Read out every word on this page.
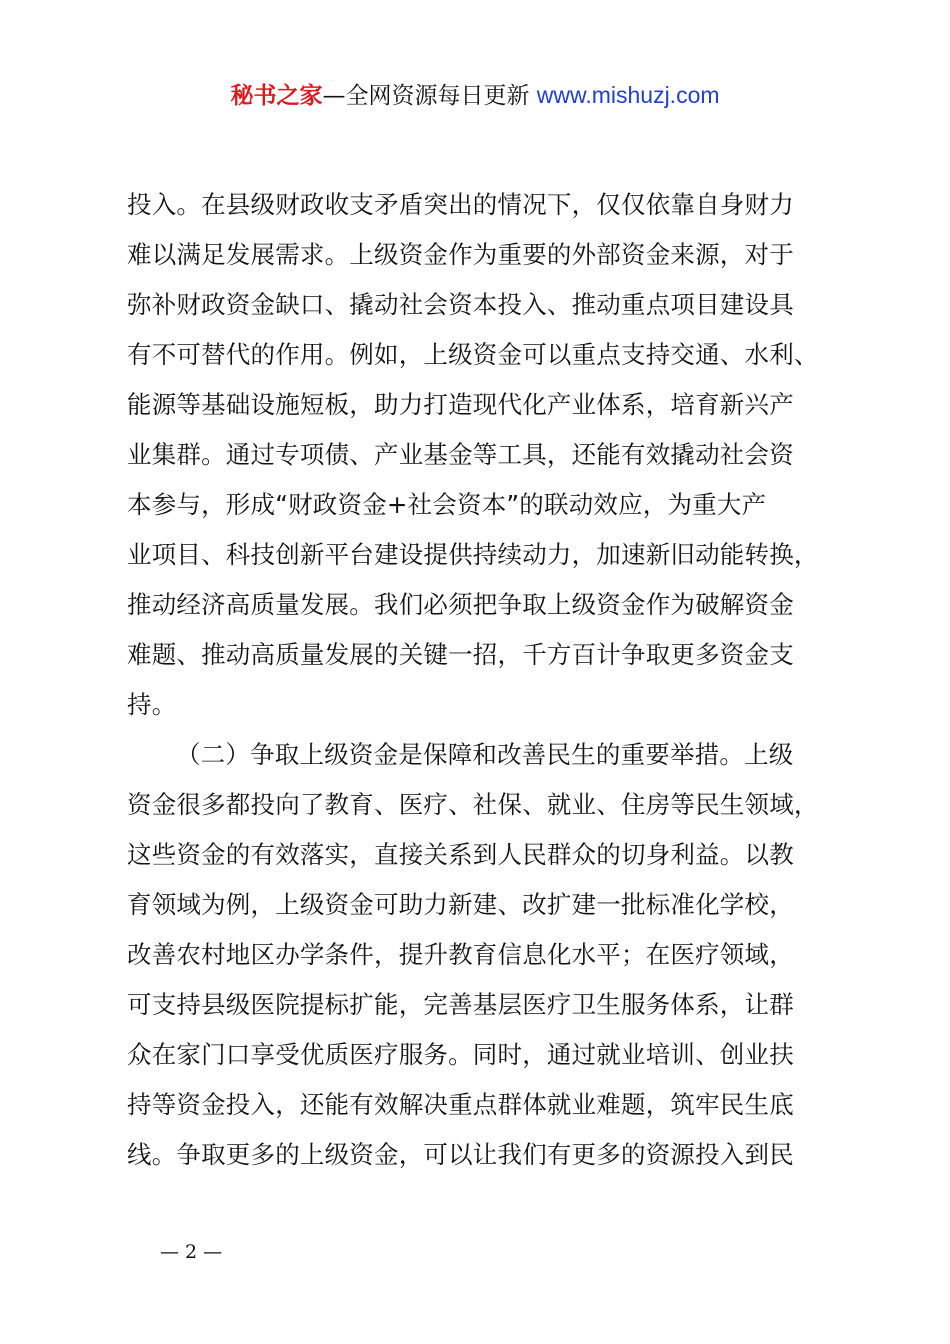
秘书之家—全网资源每日更新 www.mishuzj.com
投入。在县级财政收支矛盾突出的情况下，仅仅依靠自身财力
难以满足发展需求。上级资金作为重要的外部资金来源，对于
弥补财政资金缺口、撬动社会资本投入、推动重点项目建设具
有不可替代的作用。例如，上级资金可以重点支持交通、水利、
能源等基础设施短板，助力打造现代化产业体系，培育新兴产
业集群。通过专项债、产业基金等工具，还能有效撬动社会资
本参与，形成“财政资金+社会资本”的联动效应，为重大产
业项目、科技创新平台建设提供持续动力，加速新旧动能转换，
推动经济高质量发展。我们必须把争取上级资金作为破解资金
难题、推动高质量发展的关键一招，千方百计争取更多资金支
持。
（二）争取上级资金是保障和改善民生的重要举措。上级
资金很多都投向了教育、医疗、社保、就业、住房等民生领域，
这些资金的有效落实，直接关系到人民群众的切身利益。以教
育领域为例，上级资金可助力新建、改扩建一批标准化学校，
改善农村地区办学条件，提升教育信息化水平；在医疗领域，
可支持县级医院提标扩能，完善基层医疗卫生服务体系，让群
众在家门口享受优质医疗服务。同时，通过就业培训、创业扶
持等资金投入，还能有效解决重点群体就业难题，筑牢民生底
线。争取更多的上级资金，可以让我们有更多的资源投入到民
— 2 —
